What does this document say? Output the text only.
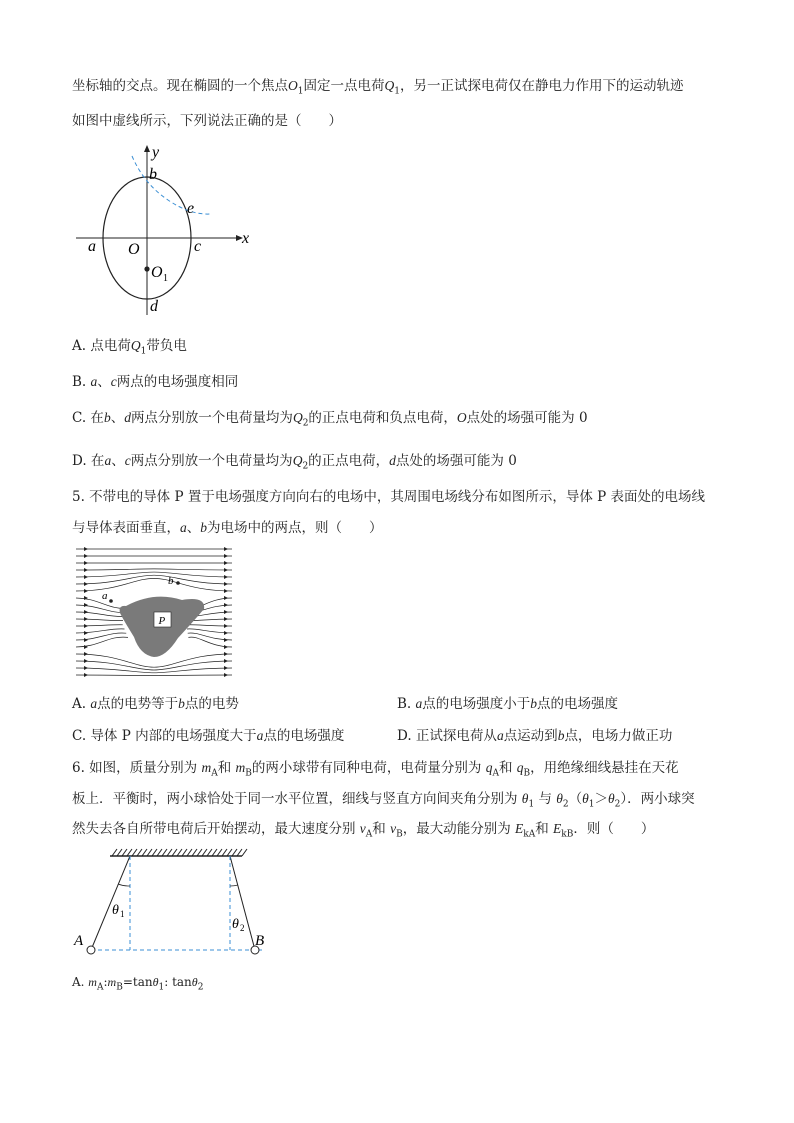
坐标轴的交点。现在椭圆的一个焦点$O_1$固定一点电荷$Q_1$，另一正试探电荷仅在静电力作用下的运动轨迹
如图中虚线所示，下列说法正确的是（　　）
y
x
b
e
a O	c
O 1
d
A. 点电荷$Q_1$带负电
B. a、c两点的电场强度相同
C. 在b、d两点分别放一个电荷量均为$Q_2$的正点电荷和负点电荷，O点处的场强可能为 0
D. 在a、c两点分别放一个电荷量均为$Q_2$的正点电荷，d点处的场强可能为 0
5. 不带电的导体 P 置于电场强度方向向右的电场中，其周围电场线分布如图所示，导体 P 表面处的电场线
与导体表面垂直，a、b为电场中的两点，则（　　）
P
a
b
A. a点的电势等于b点的电势	B. a点的电场强度小于b点的电场强度
C. 导体 P 内部的电场强度大于a点的电场强度	D. 正试探电荷从a点运动到b点，电场力做正功
6. 如图，质量分别为 $m_A$和 $m_B$的两小球带有同种电荷，电荷量分别为 $q_A$和 $q_B$，用绝缘细线悬挂在天花
板上．平衡时，两小球恰处于同一水平位置，细线与竖直方向间夹角分别为 $\theta_1$ 与 $\theta_2(\theta_1>\theta_2)$．两小球突
然失去各自所带电荷后开始摆动，最大速度分别 $v_A$和 $v_B$，最大动能分别为 $E_{kA}$和 $E_{kB}$．则（　　）
A	B
θ 1
θ 2
A. $m_A:m_B=\tan\theta_1$: tanθ$_2$
